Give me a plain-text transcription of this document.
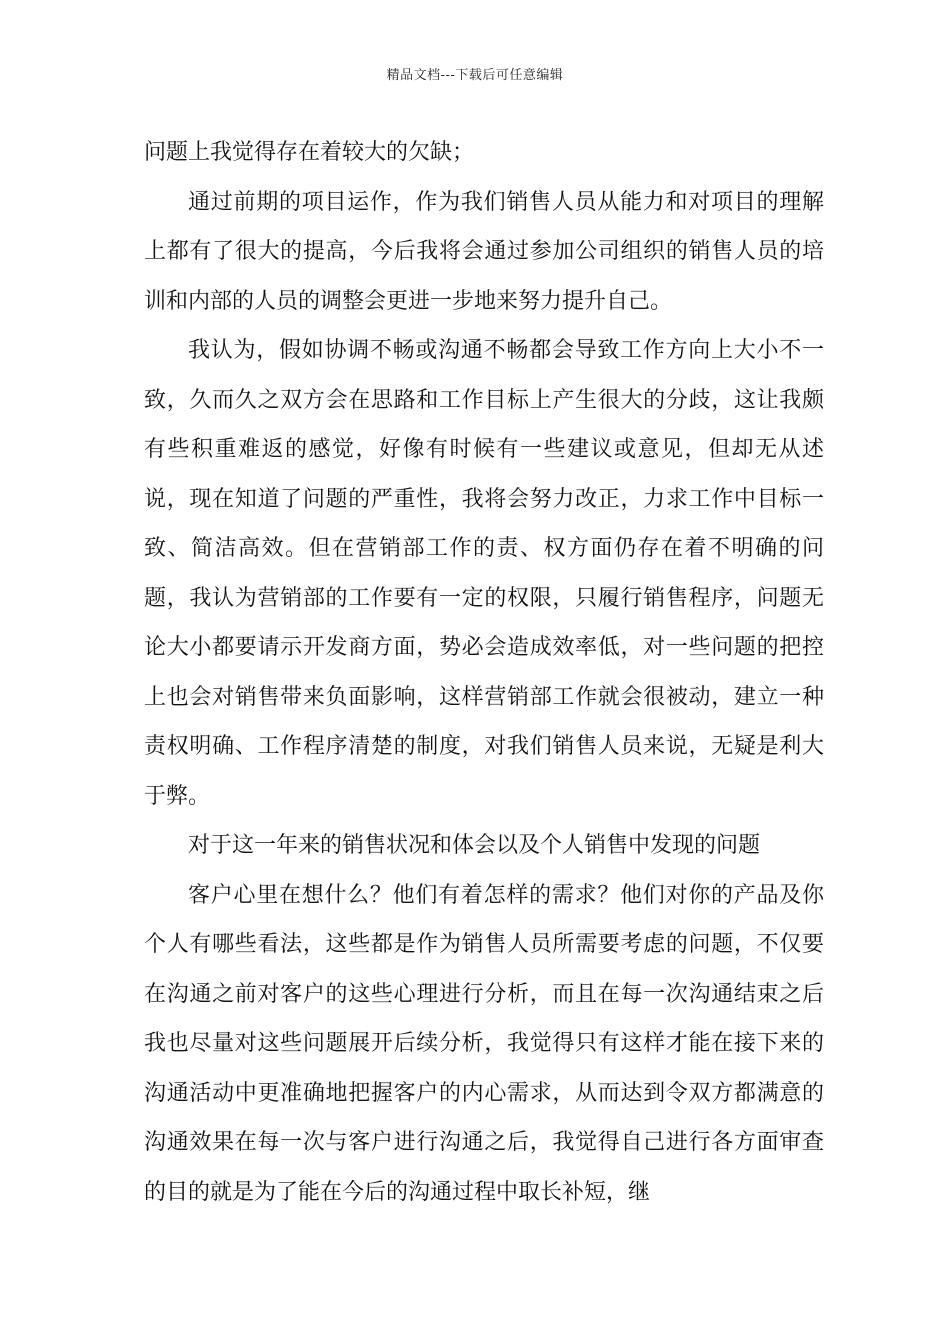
精品文档---下载后可任意编辑

问题上我觉得存在着较大的欠缺；

通过前期的项目运作，作为我们销售人员从能力和对项目的理解上都有了很大的提高，今后我将会通过参加公司组织的销售人员的培训和内部的人员的调整会更进一步地来努力提升自己。

我认为，假如协调不畅或沟通不畅都会导致工作方向上大小不一致，久而久之双方会在思路和工作目标上产生很大的分歧，这让我颇有些积重难返的感觉，好像有时候有一些建议或意见，但却无从述说，现在知道了问题的严重性，我将会努力改正，力求工作中目标一致、简洁高效。但在营销部工作的责、权方面仍存在着不明确的问题，我认为营销部的工作要有一定的权限，只履行销售程序，问题无论大小都要请示开发商方面，势必会造成效率低，对一些问题的把控上也会对销售带来负面影响，这样营销部工作就会很被动，建立一种责权明确、工作程序清楚的制度，对我们销售人员来说，无疑是利大于弊。

对于这一年来的销售状况和体会以及个人销售中发现的问题

客户心里在想什么？他们有着怎样的需求？他们对你的产品及你个人有哪些看法，这些都是作为销售人员所需要考虑的问题，不仅要在沟通之前对客户的这些心理进行分析，而且在每一次沟通结束之后我也尽量对这些问题展开后续分析，我觉得只有这样才能在接下来的沟通活动中更准确地把握客户的内心需求，从而达到令双方都满意的沟通效果在每一次与客户进行沟通之后，我觉得自己进行各方面审查的目的就是为了能在今后的沟通过程中取长补短，继
